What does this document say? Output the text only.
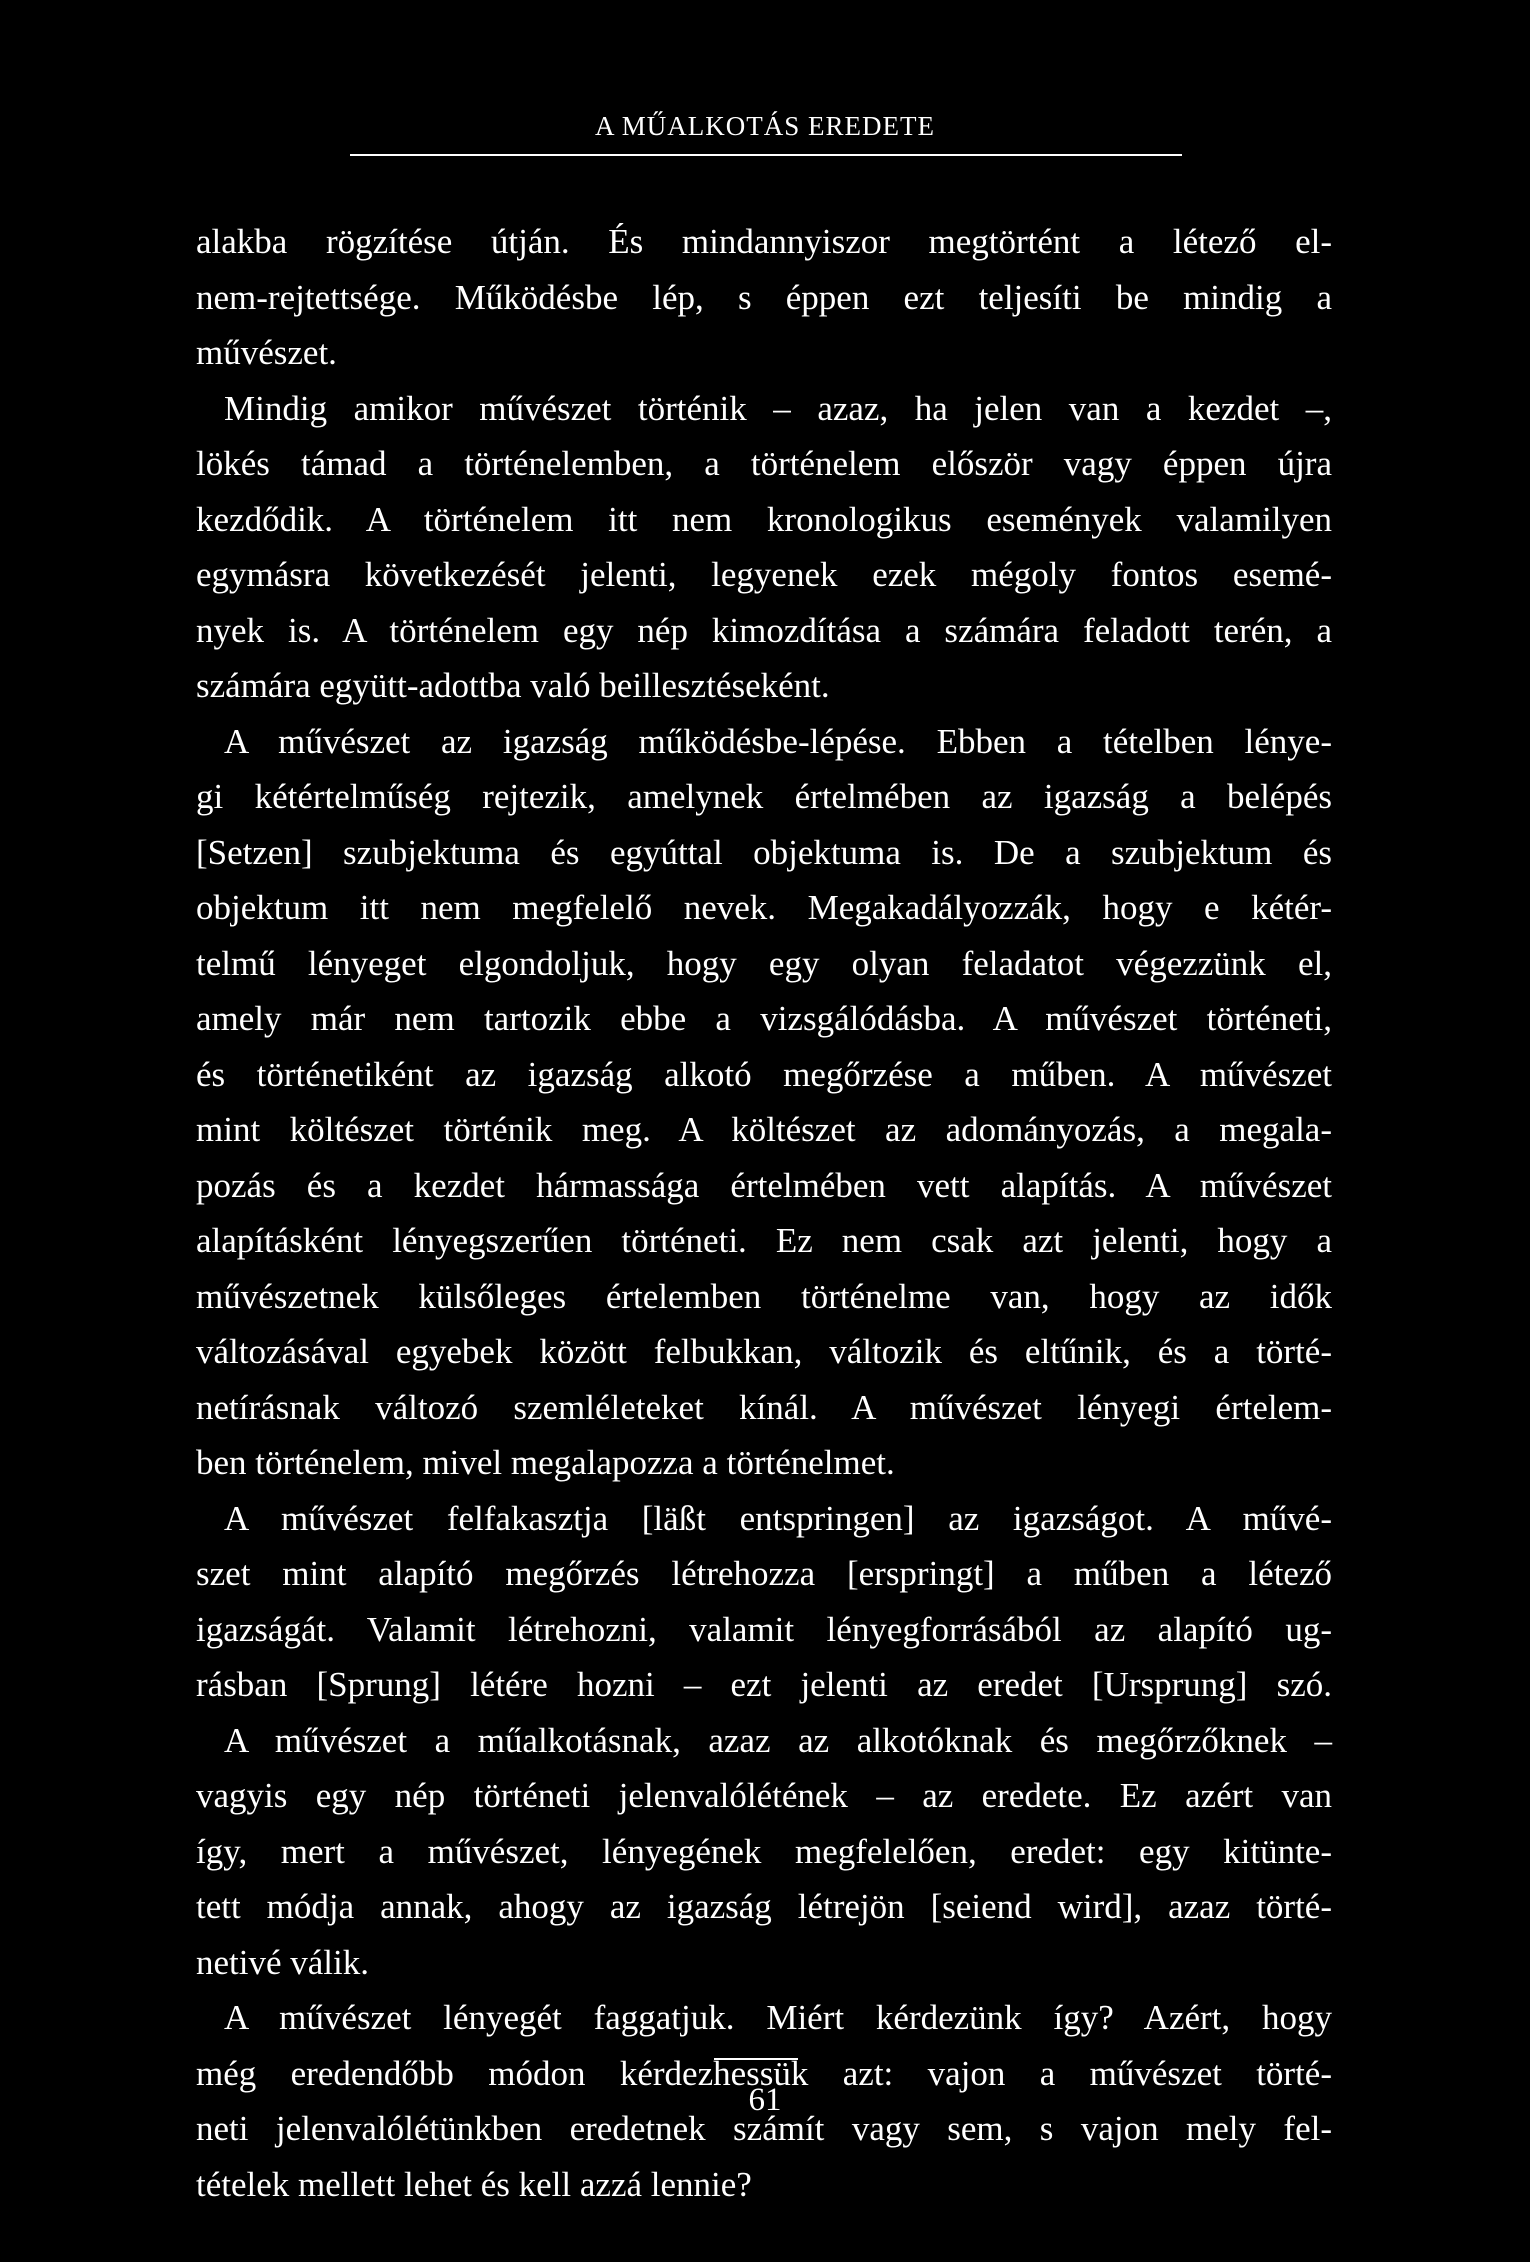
A MŰALKOTÁS EREDETE
alakba rögzítése útján. És mindannyiszor megtörtént a létező el-
nem-rejtettsége. Működésbe lép, s éppen ezt teljesíti be mindig a
művészet.
Mindig amikor művészet történik – azaz, ha jelen van a kezdet –,
lökés támad a történelemben, a történelem először vagy éppen újra
kezdődik. A történelem itt nem kronologikus események valamilyen
egymásra következését jelenti, legyenek ezek mégoly fontos esemé-
nyek is. A történelem egy nép kimozdítása a számára feladott terén, a
számára együtt-adottba való beillesztéseként.
A művészet az igazság működésbe-lépése. Ebben a tételben lénye-
gi kétértelműség rejtezik, amelynek értelmében az igazság a belépés
[Setzen] szubjektuma és egyúttal objektuma is. De a szubjektum és
objektum itt nem megfelelő nevek. Megakadályozzák, hogy e kétér-
telmű lényeget elgondoljuk, hogy egy olyan feladatot végezzünk el,
amely már nem tartozik ebbe a vizsgálódásba. A művészet történeti,
és történetiként az igazság alkotó megőrzése a műben. A művészet
mint költészet történik meg. A költészet az adományozás, a megala-
pozás és a kezdet hármassága értelmében vett alapítás. A művészet
alapításként lényegszerűen történeti. Ez nem csak azt jelenti, hogy a
művészetnek külsőleges értelemben történelme van, hogy az idők
változásával egyebek között felbukkan, változik és eltűnik, és a törté-
netírásnak változó szemléleteket kínál. A művészet lényegi értelem-
ben történelem, mivel megalapozza a történelmet.
A művészet felfakasztja [läßt entspringen] az igazságot. A művé-
szet mint alapító megőrzés létrehozza [erspringt] a műben a létező
igazságát. Valamit létrehozni, valamit lényegforrásából az alapító ug-
rásban [Sprung] létére hozni – ezt jelenti az eredet [Ursprung] szó.
A művészet a műalkotásnak, azaz az alkotóknak és megőrzőknek –
vagyis egy nép történeti jelenvalólétének – az eredete. Ez azért van
így, mert a művészet, lényegének megfelelően, eredet: egy kitünte-
tett módja annak, ahogy az igazság létrejön [seiend wird], azaz törté-
netivé válik.
A művészet lényegét faggatjuk. Miért kérdezünk így? Azért, hogy
még eredendőbb módon kérdezhessük azt: vajon a művészet törté-
neti jelenvalólétünkben eredetnek számít vagy sem, s vajon mely fel-
tételek mellett lehet és kell azzá lennie?
61
